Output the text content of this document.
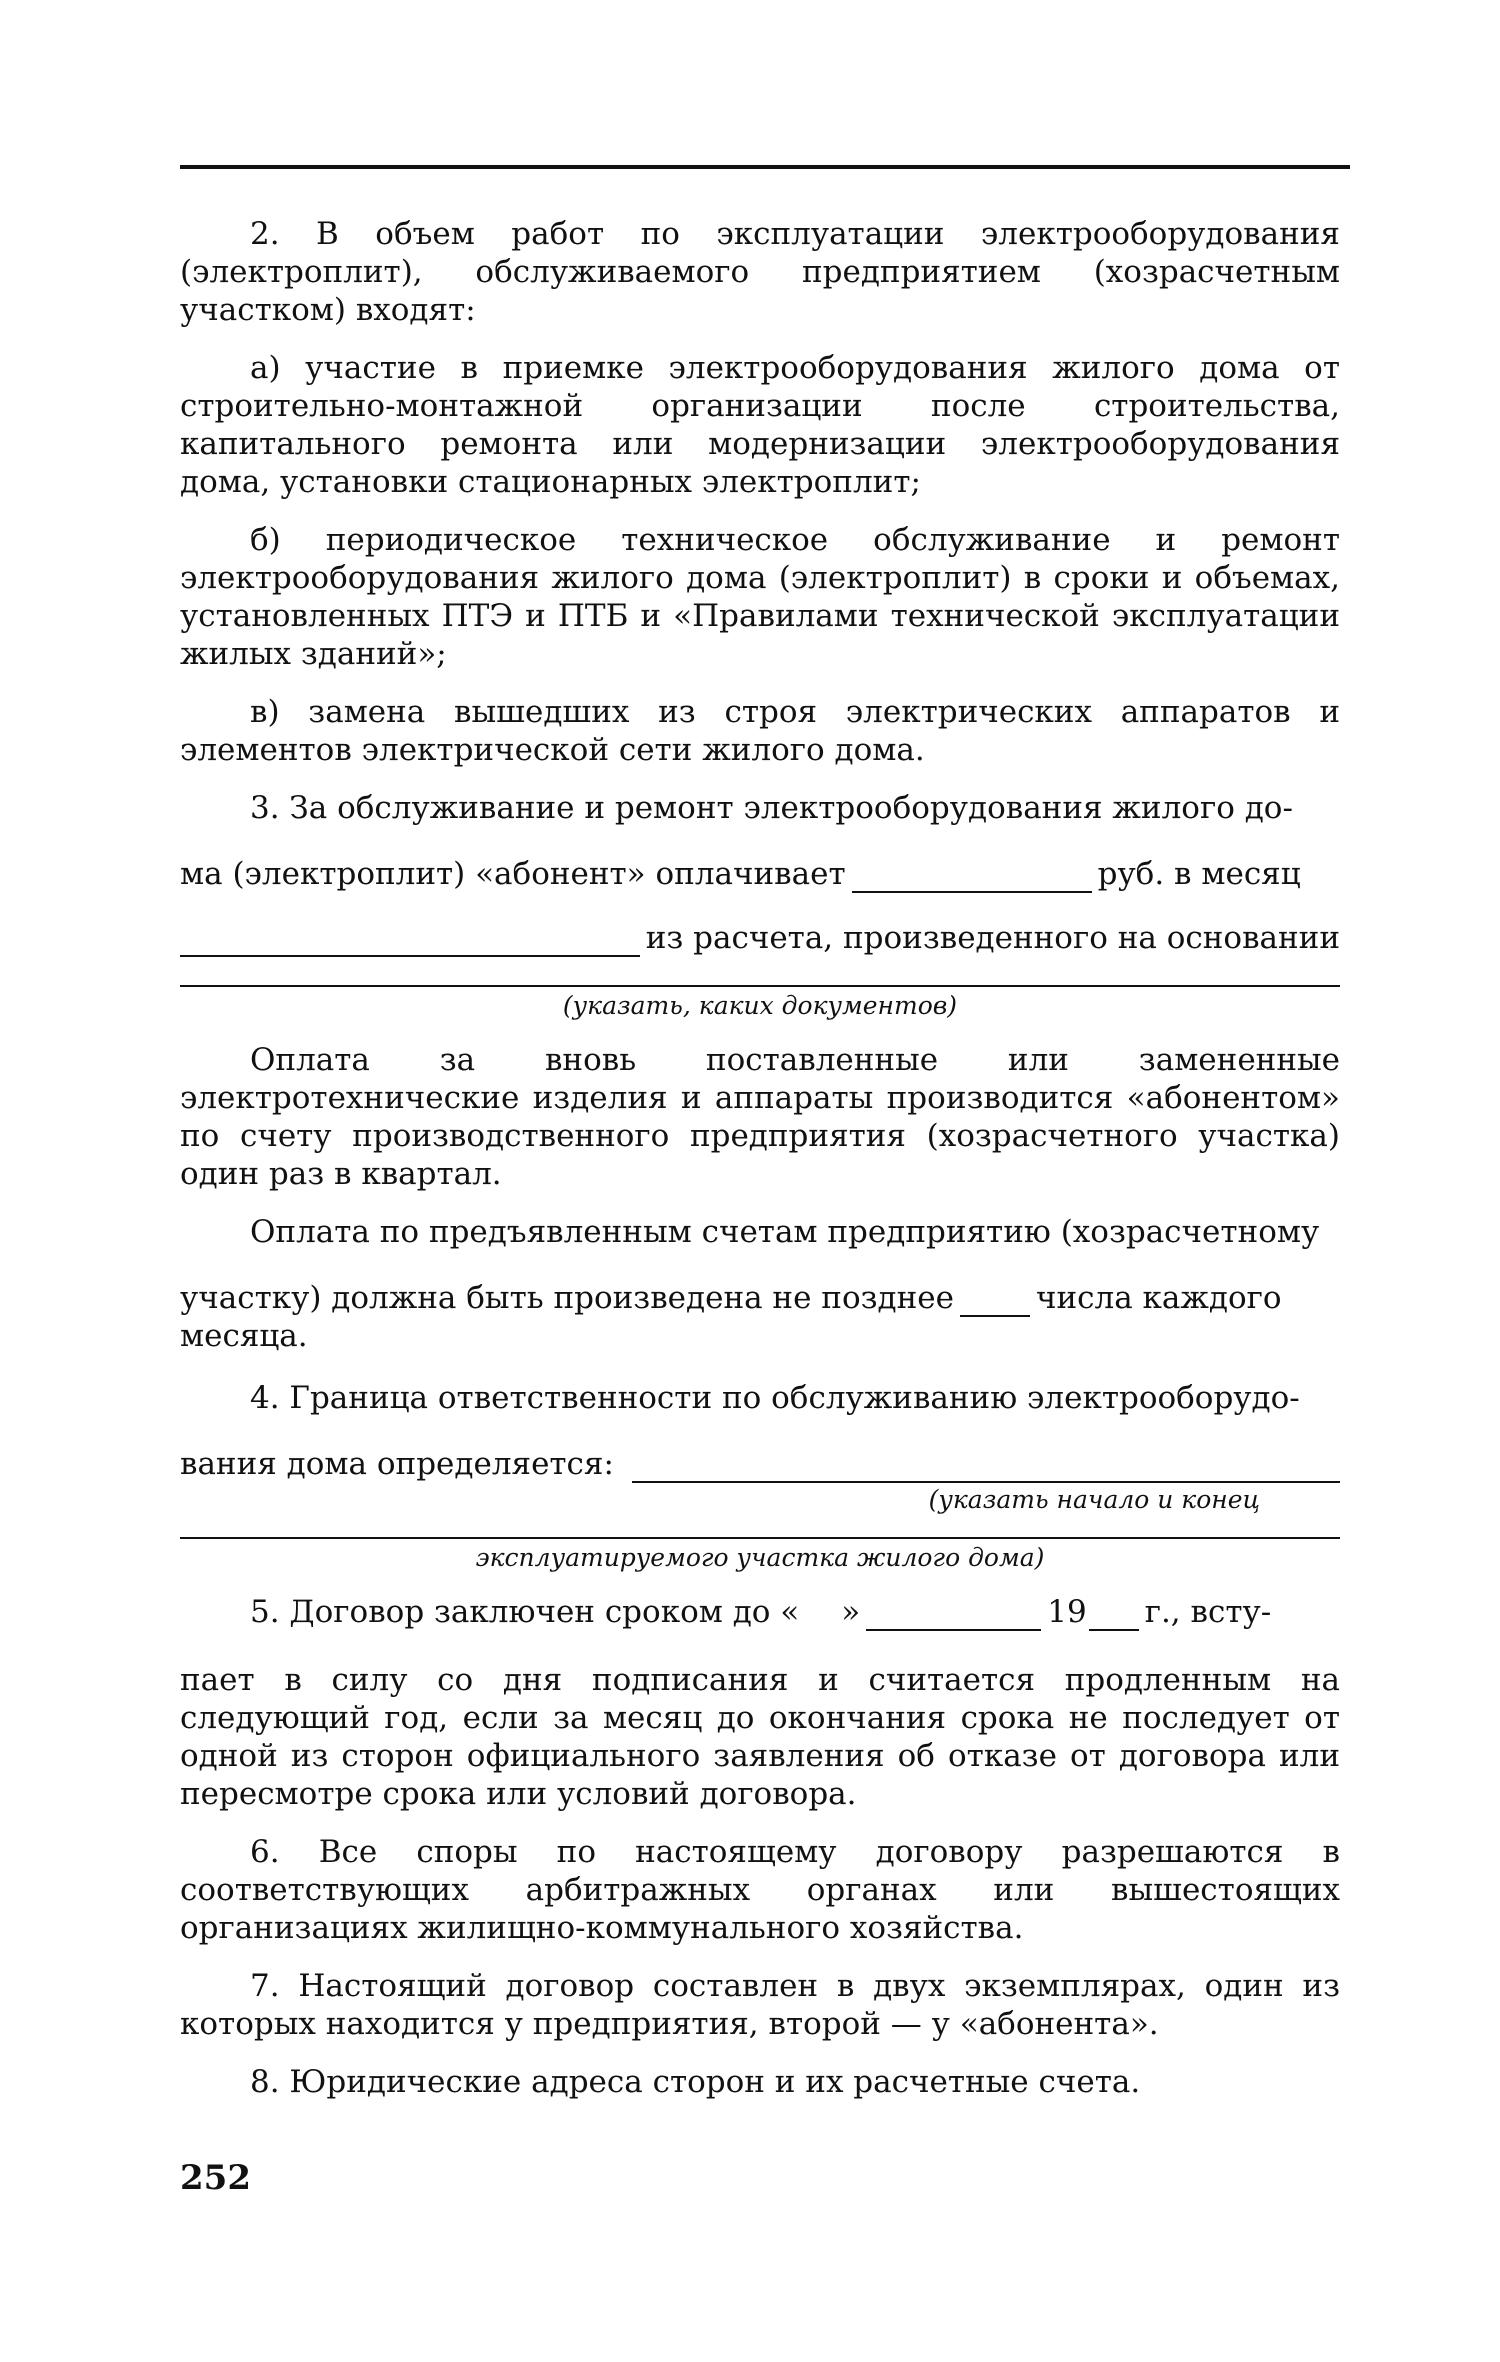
2. В объем работ по эксплуатации электрооборудования (электроплит), обслуживаемого предприятием (хозрасчетным участком) входят:

а) участие в приемке электрооборудования жилого дома от строительно-монтажной организации после строительства, капитального ремонта или модернизации электрооборудования дома, установки стационарных электроплит;

б) периодическое техническое обслуживание и ремонт электрооборудования жилого дома (электроплит) в сроки и объемах, установленных ПТЭ и ПТБ и «Правилами технической эксплуатации жилых зданий»;

в) замена вышедших из строя электрических аппаратов и элементов электрической сети жилого дома.

3. За обслуживание и ремонт электрооборудования жилого до-

ма (электроплит) «абонент» оплачивает	руб. в месяц
из расчета, произведенного на основании
(указать, каких документов)

Оплата за вновь поставленные или замененные электротехнические изделия и аппараты производится «абонентом» по счету производственного предприятия (хозрасчетного участка) один раз в квартал.

Оплата по предъявленным счетам предприятию (хозрасчетному

участку) должна быть произведена не позднее	числа каждого

месяца.

4. Граница ответственности по обслуживанию электрооборудо-

вания дома определяется:
(указать начало и конец
эксплуатируемого участка жилого дома)
5. Договор заключен сроком до « »	19 г., всту-

пает в силу со дня подписания и считается продленным на следующий год, если за месяц до окончания срока не последует от одной из сторон официального заявления об отказе от договора или пересмотре срока или условий договора.

6. Все споры по настоящему договору разрешаются в соответствующих арбитражных органах или вышестоящих организациях жилищно-коммунального хозяйства.

7. Настоящий договор составлен в двух экземплярах, один из которых находится у предприятия, второй — у «абонента».

8. Юридические адреса сторон и их расчетные счета.

252
